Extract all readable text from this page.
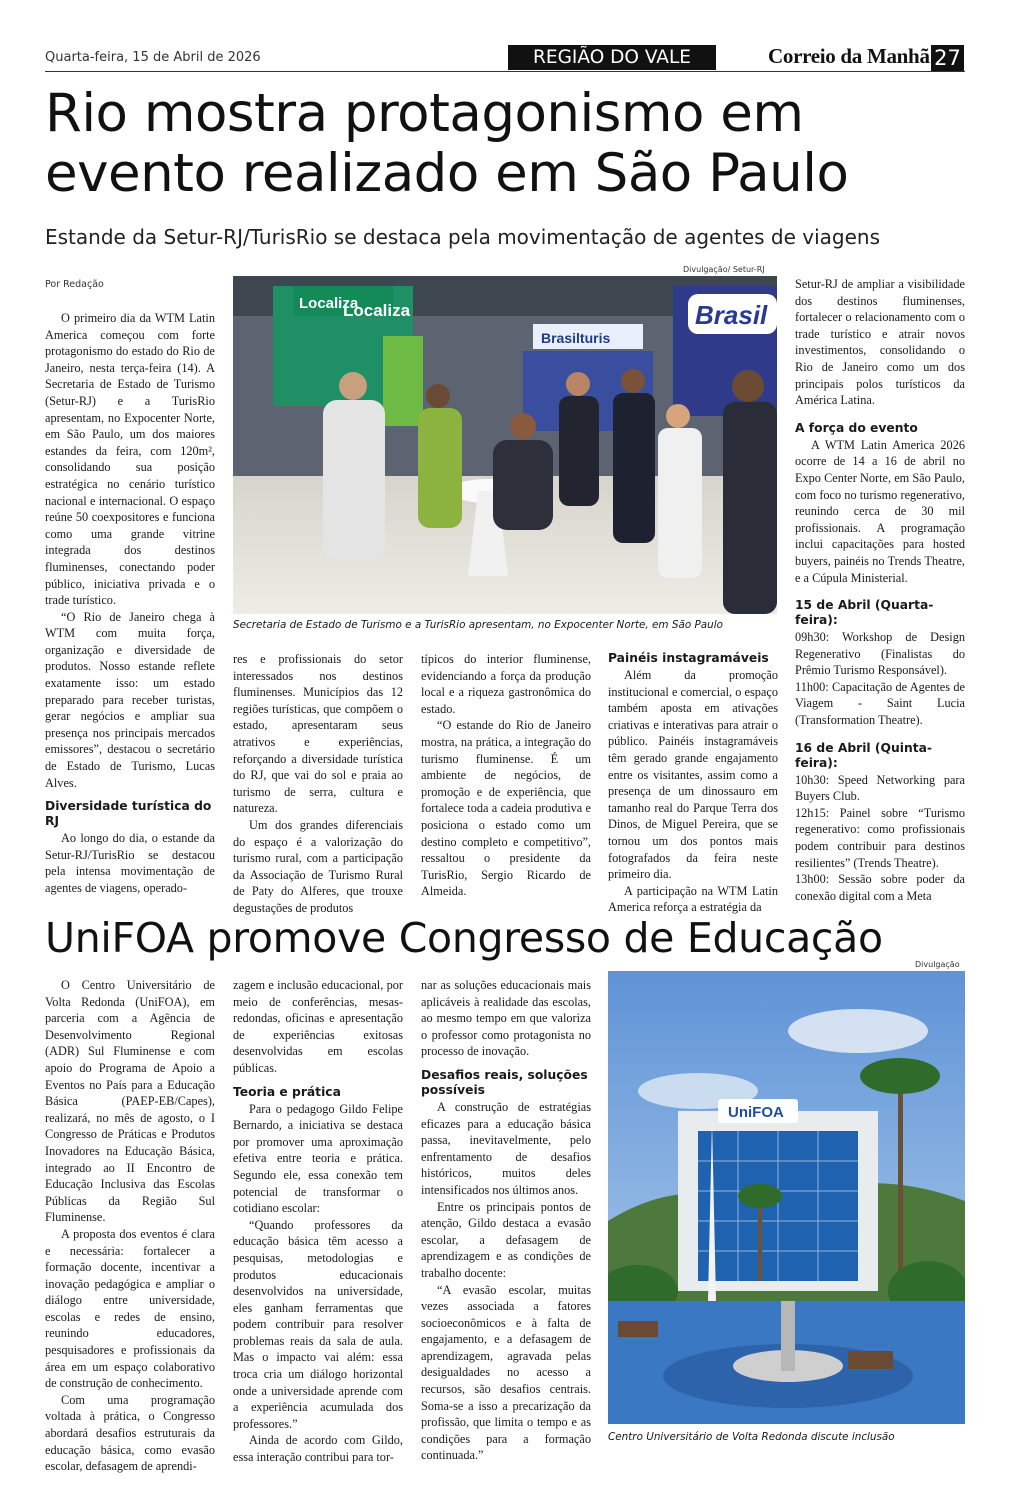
Quarta-feira, 15 de Abril de 2026	REGIÃO DO VALE	Correio da Manhã 27
Rio mostra protagonismo em
evento realizado em São Paulo
Estande da Setur-RJ/TurisRio se destaca pela movimentação de agentes de viagens
Por Redação

O primeiro dia da WTM Latin America começou com forte protagonismo do estado do Rio de Janeiro, nesta terça-feira (14). A Secretaria de Estado de Turismo (Setur-RJ) e a TurisRio apresentam, no Expocenter Norte, em São Paulo, um dos maiores estandes da feira, com 120m², consolidando sua posição estratégica no cenário turístico nacional e internacional. O espaço reúne 50 coexpositores e funciona como uma grande vitrine integrada dos destinos fluminenses, conectando poder público, iniciativa privada e o trade turístico.

“O Rio de Janeiro chega à WTM com muita força, organização e diversidade de produtos. Nosso estande reflete exatamente isso: um estado preparado para receber turistas, gerar negócios e ampliar sua presença nos principais mercados emissores”, destacou o secretário de Estado de Turismo, Lucas Alves.

Diversidade turística do RJ

Ao longo do dia, o estande da Setur-RJ/TurisRio se destacou pela intensa movimentação de agentes de viagens, operado-

Divulgação/ Setur-RJ
Localiza
Localiza	Brasil
Brasilturis
Secretaria de Estado de Turismo e a TurisRio apresentam, no Expocenter Norte, em São Paulo

res e profissionais do setor interessados nos destinos fluminenses. Municípios das 12 regiões turísticas, que compõem o estado, apresentaram seus atrativos e experiências, reforçando a diversidade turística do RJ, que vai do sol e praia ao turismo de serra, cultura e natureza.

Um dos grandes diferenciais do espaço é a valorização do turismo rural, com a participação da Associação de Turismo Rural de Paty do Alferes, que trouxe degustações de produtos

típicos do interior fluminense, evidenciando a força da produção local e a riqueza gastronômica do estado.

“O estande do Rio de Janeiro mostra, na prática, a integração do turismo fluminense. É um ambiente de negócios, de promoção e de experiência, que fortalece toda a cadeia produtiva e posiciona o estado como um destino completo e competitivo”, ressaltou o presidente da TurisRio, Sergio Ricardo de Almeida.

Painéis instagramáveis

Além da promoção institucional e comercial, o espaço também aposta em ativações criativas e interativas para atrair o público. Painéis instagramáveis têm gerado grande engajamento entre os visitantes, assim como a presença de um dinossauro em tamanho real do Parque Terra dos Dinos, de Miguel Pereira, que se tornou um dos pontos mais fotografados da feira neste primeiro dia.

A participação na WTM Latin America reforça a estratégia da

Setur-RJ de ampliar a visibilidade dos destinos fluminenses, fortalecer o relacionamento com o trade turístico e atrair novos investimentos, consolidando o Rio de Janeiro como um dos principais polos turísticos da América Latina.

A força do evento

A WTM Latin America 2026 ocorre de 14 a 16 de abril no Expo Center Norte, em São Paulo, com foco no turismo regenerativo, reunindo cerca de 30 mil profissionais. A programação inclui capacitações para hosted buyers, painéis no Trends Theatre, e a Cúpula Ministerial.

15 de Abril (Quarta-feira):

09h30: Workshop de Design Regenerativo (Finalistas do Prêmio Turismo Responsável).

11h00: Capacitação de Agentes de Viagem - Saint Lucia (Transformation Theatre).

16 de Abril (Quinta-feira):

10h30: Speed Networking para Buyers Club.

12h15: Painel sobre “Turismo regenerativo: como profissionais podem contribuir para destinos resilientes” (Trends Theatre).

13h00: Sessão sobre poder da conexão digital com a Meta

UniFOA promove Congresso de Educação

O Centro Universitário de Volta Redonda (UniFOA), em parceria com a Agência de Desenvolvimento Regional (ADR) Sul Fluminense e com apoio do Programa de Apoio a Eventos no País para a Educação Básica (PAEP-EB/Capes), realizará, no mês de agosto, o I Congresso de Práticas e Produtos Inovadores na Educação Básica, integrado ao II Encontro de Educação Inclusiva das Escolas Públicas da Região Sul Fluminense.

A proposta dos eventos é clara e necessária: fortalecer a formação docente, incentivar a inovação pedagógica e ampliar o diálogo entre universidade, escolas e redes de ensino, reunindo educadores, pesquisadores e profissionais da área em um espaço colaborativo de construção de conhecimento.

Com uma programação voltada à prática, o Congresso abordará desafios estruturais da educação básica, como evasão escolar, defasagem de aprendi-

zagem e inclusão educacional, por meio de conferências, mesas-redondas, oficinas e apresentação de experiências exitosas desenvolvidas em escolas públicas.

Teoria e prática

Para o pedagogo Gildo Felipe Bernardo, a iniciativa se destaca por promover uma aproximação efetiva entre teoria e prática. Segundo ele, essa conexão tem potencial de transformar o cotidiano escolar:

“Quando professores da educação básica têm acesso a pesquisas, metodologias e produtos educacionais desenvolvidos na universidade, eles ganham ferramentas que podem contribuir para resolver problemas reais da sala de aula. Mas o impacto vai além: essa troca cria um diálogo horizontal onde a universidade aprende com a experiência acumulada dos professores.”

Ainda de acordo com Gildo, essa interação contribui para tor-

nar as soluções educacionais mais aplicáveis à realidade das escolas, ao mesmo tempo em que valoriza o professor como protagonista no processo de inovação.

Desafios reais, soluções possíveis

A construção de estratégias eficazes para a educação básica passa, inevitavelmente, pelo enfrentamento de desafios históricos, muitos deles intensificados nos últimos anos.

Entre os principais pontos de atenção, Gildo destaca a evasão escolar, a defasagem de aprendizagem e as condições de trabalho docente:

“A evasão escolar, muitas vezes associada a fatores socioeconômicos e à falta de engajamento, e a defasagem de aprendizagem, agravada pelas desigualdades no acesso a recursos, são desafios centrais. Soma-se a isso a precarização da profissão, que limita o tempo e as condições para a formação continuada.”

Divulgação
UniFOA
Centro Universitário de Volta Redonda discute inclusão
